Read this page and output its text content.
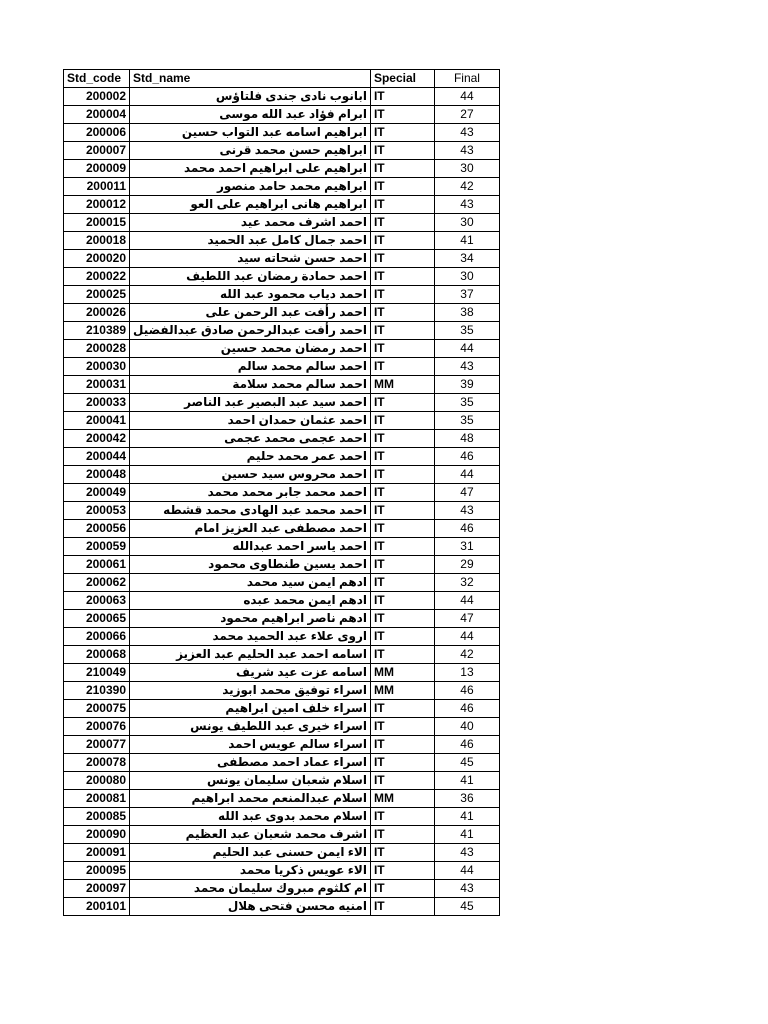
Std_code	Std_name	Special	Final
200002	ابانوب نادى جندى فلتاؤس	IT	44
200004	ابرام فؤاد عبد الله موسى	IT	27
200006	ابراهيم اسامه عبد التواب حسين	IT	43
200007	ابراهيم حسن محمد قرنى	IT	43
200009	ابراهيم على ابراهيم احمد محمد	IT	30
200011	ابراهيم محمد حامد منصور	IT	42
200012	ابراهيم هانى ابراهيم على العو	IT	43
200015	احمد اشرف محمد عيد	IT	30
200018	احمد جمال كامل عبد الحميد	IT	41
200020	احمد حسن شحاته سيد	IT	34
200022	احمد حمادة رمضان عبد اللطيف	IT	30
200025	احمد دياب محمود عبد الله	IT	37
200026	احمد رأفت عبد الرحمن على	IT	38
210389	احمد رأفت عبدالرحمن صادق عبدالفضيل	IT	35
200028	احمد رمضان محمد حسين	IT	44
200030	احمد سالم محمد سالم	IT	43
200031	احمد سالم محمد سلامة	MM	39
200033	احمد سيد عبد البصير عبد الناصر	IT	35
200041	احمد عثمان حمدان احمد	IT	35
200042	احمد عجمى محمد عجمى	IT	48
200044	احمد عمر محمد حليم	IT	46
200048	احمد محروس سيد حسين	IT	44
200049	احمد محمد جابر محمد محمد	IT	47
200053	احمد محمد عبد الهادى محمد قشطه	IT	43
200056	احمد مصطفى عبد العزيز امام	IT	46
200059	احمد ياسر احمد عبدالله	IT	31
200061	احمد يسين طنطاوى محمود	IT	29
200062	ادهم ايمن سيد محمد	IT	32
200063	ادهم ايمن محمد عبده	IT	44
200065	ادهم ناصر ابراهيم محمود	IT	47
200066	اروى علاء عبد الحميد محمد	IT	44
200068	اسامه احمد عبد الحليم عبد العزيز	IT	42
210049	اسامه عزت عيد شريف	MM	13
210390	اسراء توفيق محمد ابوزيد	MM	46
200075	اسراء خلف امين ابراهيم	IT	46
200076	اسراء خيرى عبد اللطيف يونس	IT	40
200077	اسراء سالم عويس احمد	IT	46
200078	اسراء عماد احمد مصطفى	IT	45
200080	اسلام شعبان سليمان يونس	IT	41
200081	اسلام عبدالمنعم محمد ابراهيم	MM	36
200085	اسلام محمد بدوى عبد الله	IT	41
200090	اشرف محمد شعبان عبد العظيم	IT	41
200091	الاء ايمن حسنى عبد الحليم	IT	43
200095	الاء عويس ذكريا محمد	IT	44
200097	ام كلثوم مبروك سليمان محمد	IT	43
200101	امنيه محسن فتحى هلال	IT	45
